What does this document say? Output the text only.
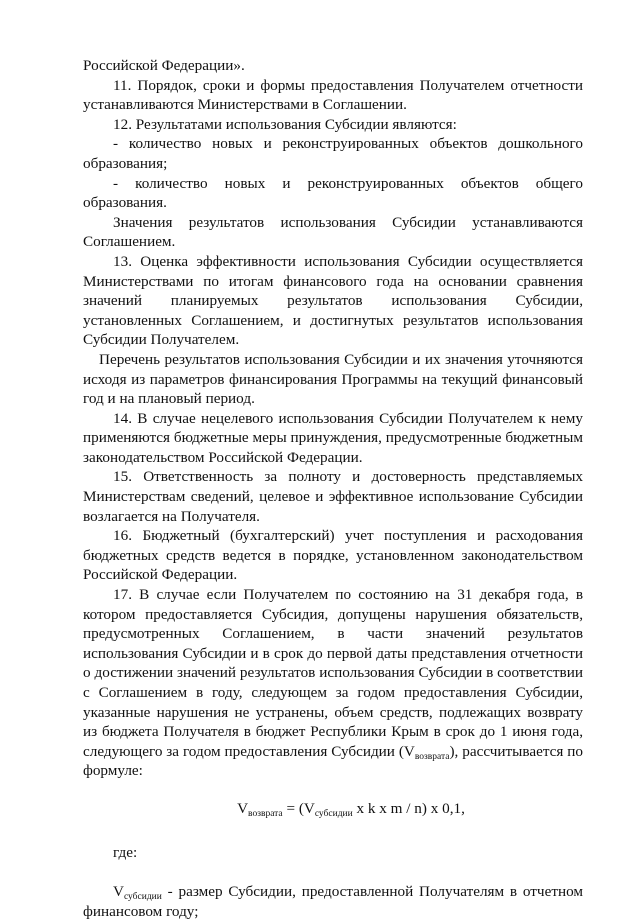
Российской Федерации».

11. Порядок, сроки и формы предоставления Получателем отчетности устанавливаются Министерствами в Соглашении.

12. Результатами использования Субсидии являются:

- количество новых и реконструированных объектов дошкольного образования;

- количество новых и реконструированных объектов общего образования.

Значения результатов использования Субсидии устанавливаются Соглашением.

13. Оценка эффективности использования Субсидии осуществляется Министерствами по итогам финансового года на основании сравнения значений планируемых результатов использования Субсидии, установленных Соглашением, и достигнутых результатов использования Субсидии Получателем.

Перечень результатов использования Субсидии и их значения уточняются исходя из параметров финансирования Программы на текущий финансовый год и на плановый период.

14. В случае нецелевого использования Субсидии Получателем к нему применяются бюджетные меры принуждения, предусмотренные бюджетным законодательством Российской Федерации.

15. Ответственность за полноту и достоверность представляемых Министерствам сведений, целевое и эффективное использование Субсидии возлагается на Получателя.

16. Бюджетный (бухгалтерский) учет поступления и расходования бюджетных средств ведется в порядке, установленном законодательством Российской Федерации.

17. В случае если Получателем по состоянию на 31 декабря года, в котором предоставляется Субсидия, допущены нарушения обязательств, предусмотренных Соглашением, в части значений результатов использования Субсидии и в срок до первой даты представления отчетности о достижении значений результатов использования Субсидии в соответствии с Соглашением в году, следующем за годом предоставления Субсидии, указанные нарушения не устранены, объем средств, подлежащих возврату из бюджета Получателя в бюджет Республики Крым в срок до 1 июня года, следующего за годом предоставления Субсидии $(V_{возврата})$, рассчитывается по формуле:

$V_{возврата} = (V_{субсидии}$ x k x m / n) x 0,1,

где:

$V_{субсидии}$ - размер Субсидии, предоставленной Получателям в отчетном финансовом году;
